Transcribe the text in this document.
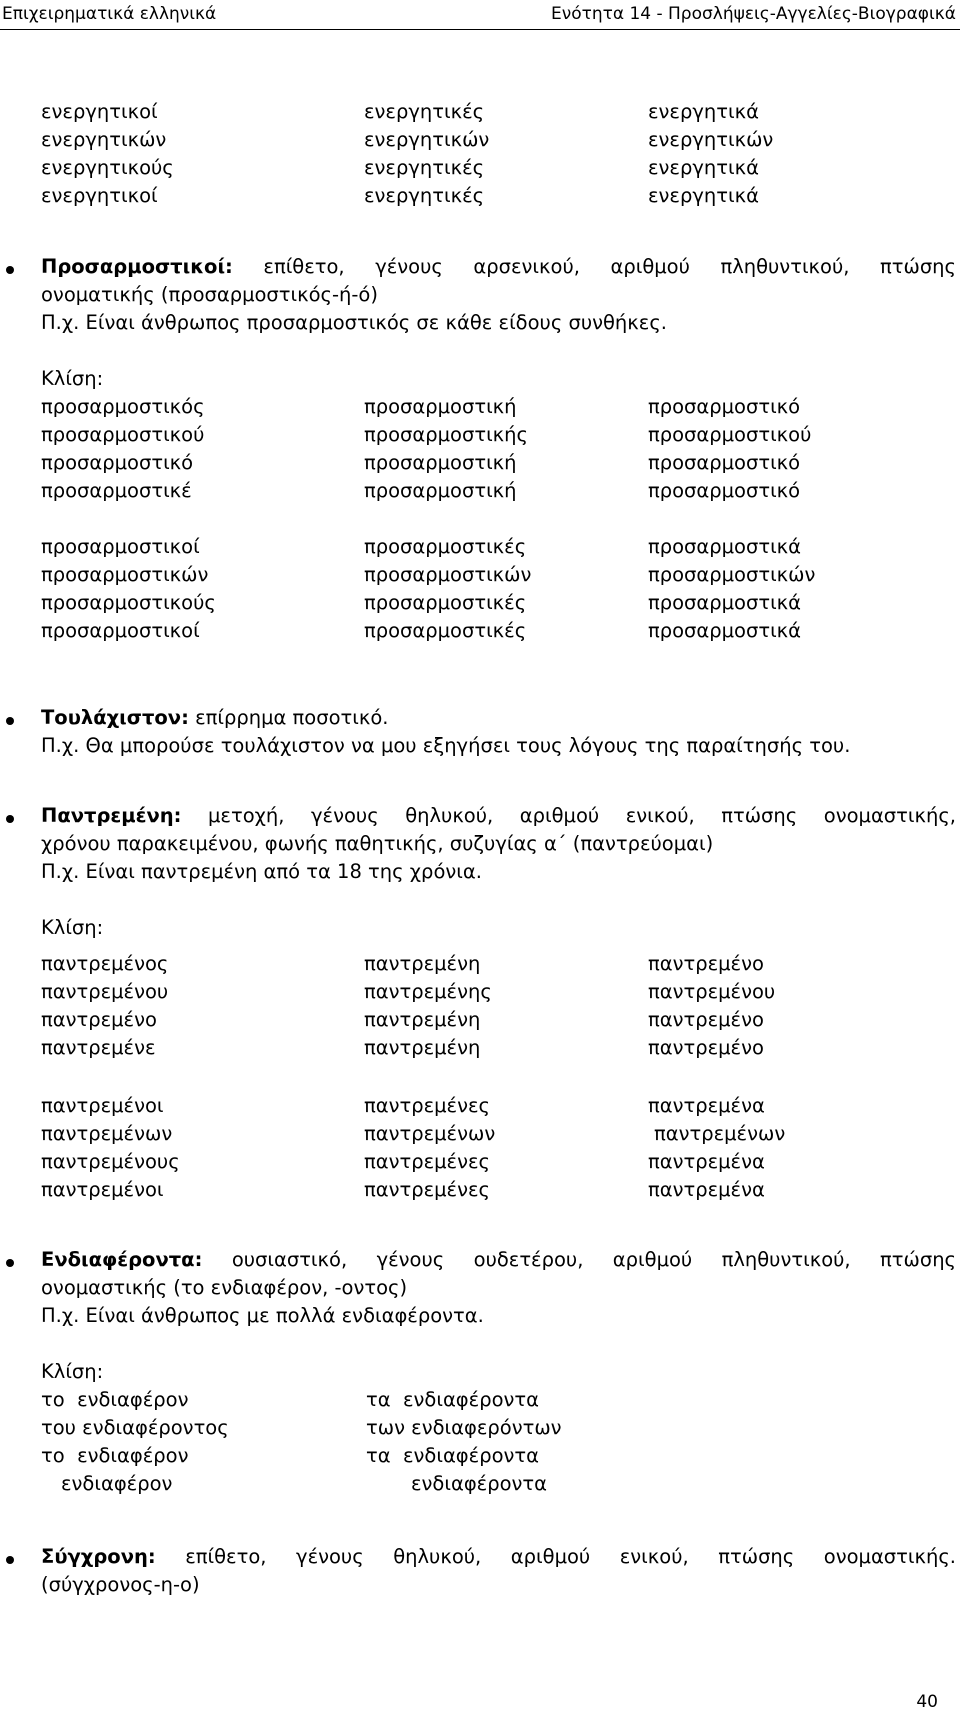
Επιχειρηματικά ελληνικά	Ενότητα 14 - Προσλήψεις-Αγγελίες-Βιογραφικά
ενεργητικοί	ενεργητικές	ενεργητικά
ενεργητικών	ενεργητικών	ενεργητικών
ενεργητικούς	ενεργητικές	ενεργητικά
ενεργητικοί	ενεργητικές	ενεργητικά
Προσαρμοστικοί: επίθετο, γένους αρσενικού, αριθμού πληθυντικού, πτώσης
ονοματικής (προσαρμοστικός-ή-ό)
Π.χ. Είναι άνθρωπος προσαρμοστικός σε κάθε είδους συνθήκες.
Κλίση:
προσαρμοστικός	προσαρμοστική	προσαρμοστικό
προσαρμοστικού	προσαρμοστικής	προσαρμοστικού
προσαρμοστικό	προσαρμοστική	προσαρμοστικό
προσαρμοστικέ	προσαρμοστική	προσαρμοστικό
προσαρμοστικοί	προσαρμοστικές	προσαρμοστικά
προσαρμοστικών	προσαρμοστικών	προσαρμοστικών
προσαρμοστικούς	προσαρμοστικές	προσαρμοστικά
προσαρμοστικοί	προσαρμοστικές	προσαρμοστικά
Τουλάχιστον: επίρρημα ποσοτικό.
Π.χ. Θα μπορούσε τουλάχιστον να μου εξηγήσει τους λόγους της παραίτησής του.
Παντρεμένη: μετοχή, γένους θηλυκού, αριθμού ενικού, πτώσης ονομαστικής,
χρόνου παρακειμένου, φωνής παθητικής, συζυγίας α΄ (παντρεύομαι)
Π.χ. Είναι παντρεμένη από τα 18 της χρόνια.
Κλίση:
παντρεμένος	παντρεμένη	παντρεμένο
παντρεμένου	παντρεμένης	παντρεμένου
παντρεμένο	παντρεμένη	παντρεμένο
παντρεμένε	παντρεμένη	παντρεμένο
παντρεμένοι	παντρεμένες	παντρεμένα
παντρεμένων	παντρεμένων	παντρεμένων
παντρεμένους	παντρεμένες	παντρεμένα
παντρεμένοι	παντρεμένες	παντρεμένα
Ενδιαφέροντα: ουσιαστικό, γένους ουδετέρου, αριθμού πληθυντικού, πτώσης
ονομαστικής (το ενδιαφέρον, -οντος)
Π.χ. Είναι άνθρωπος με πολλά ενδιαφέροντα.
Κλίση:
το  ενδιαφέρον	τα  ενδιαφέροντα
του ενδιαφέροντος	των ενδιαφερόντων
το  ενδιαφέρον	τα  ενδιαφέροντα
ενδιαφέρον	ενδιαφέροντα
Σύγχρονη: επίθετο, γένους θηλυκού, αριθμού ενικού, πτώσης ονομαστικής.
(σύγχρονος-η-ο)
40
